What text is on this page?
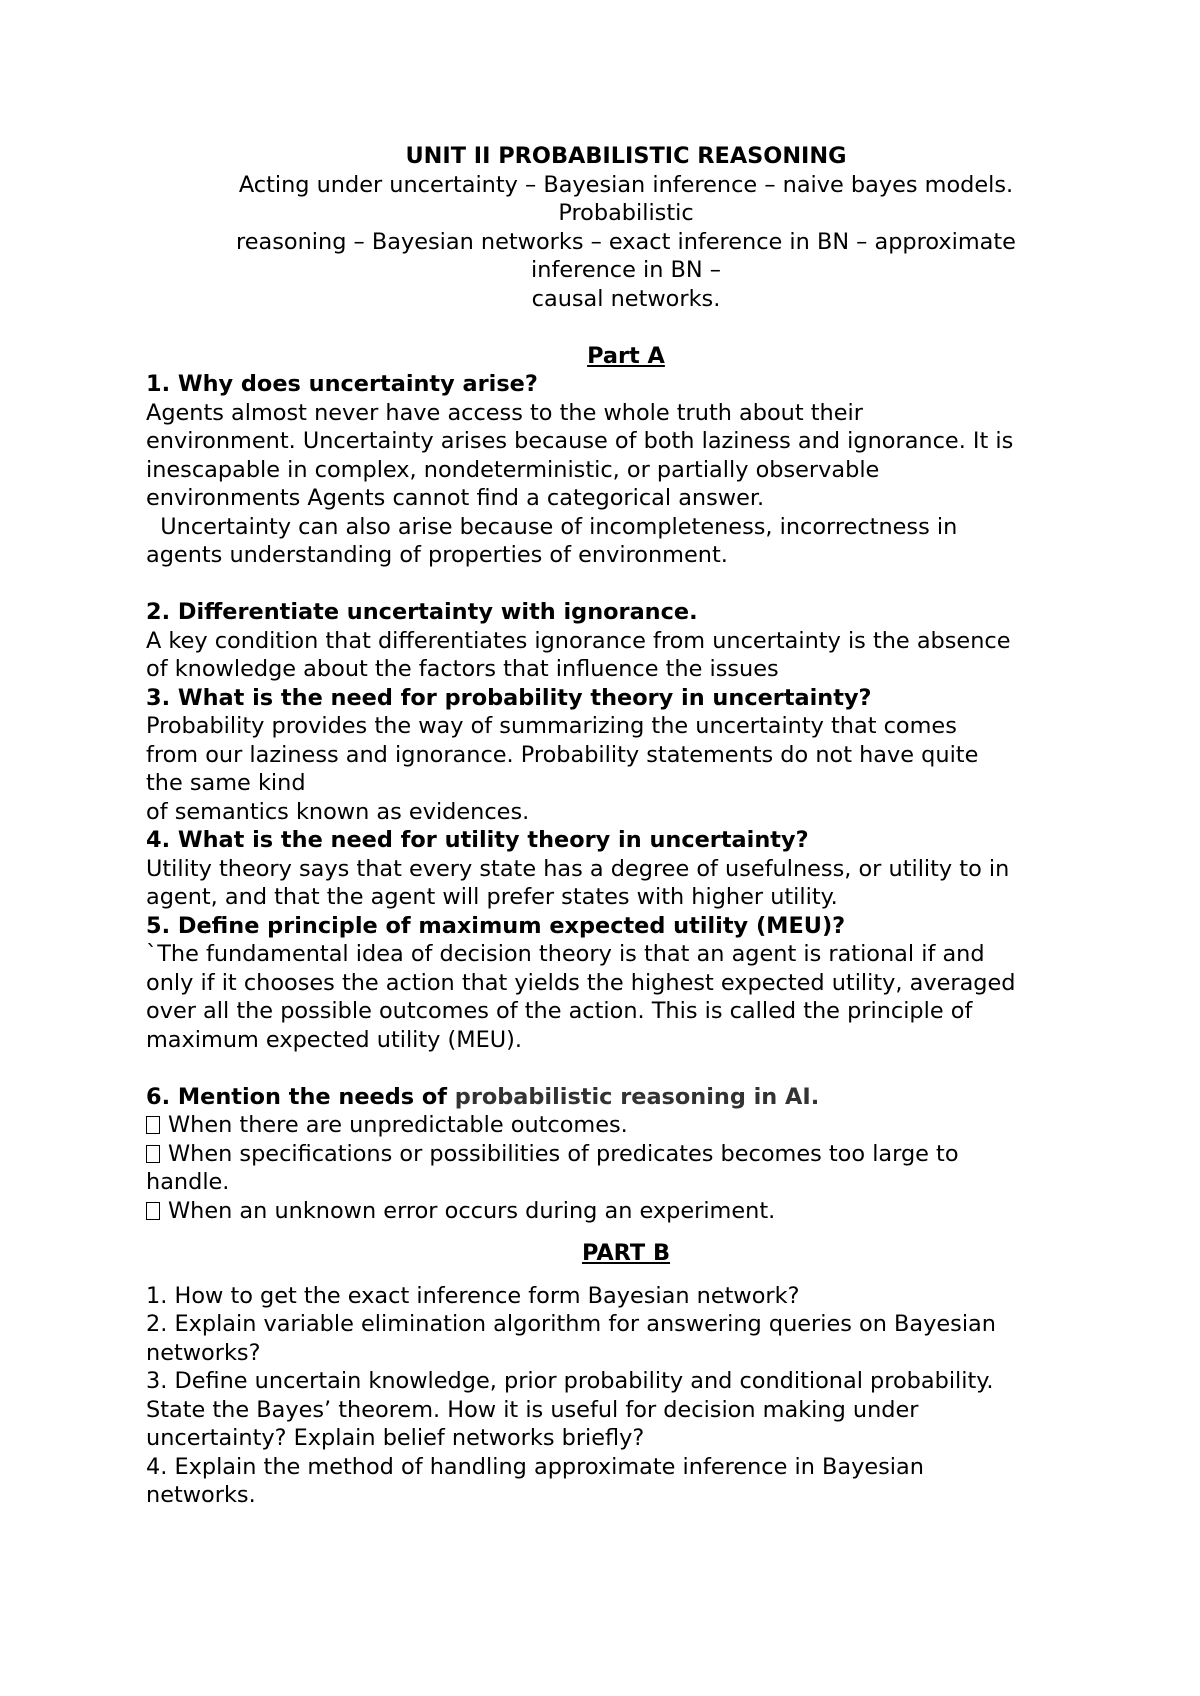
UNIT II PROBABILISTIC REASONING

Acting under uncertainty – Bayesian inference – naive bayes models.

Probabilistic

reasoning – Bayesian networks – exact inference in BN – approximate

inference in BN –

causal networks.

Part A

1. Why does uncertainty arise?

Agents almost never have access to the whole truth about their

environment. Uncertainty arises because of both laziness and ignorance. It is

inescapable in complex, nondeterministic, or partially observable

environments Agents cannot find a categorical answer.

Uncertainty can also arise because of incompleteness, incorrectness in

agents understanding of properties of environment.

2. Differentiate uncertainty with ignorance.

A key condition that differentiates ignorance from uncertainty is the absence

of knowledge about the factors that influence the issues

3. What is the need for probability theory in uncertainty?

Probability provides the way of summarizing the uncertainty that comes

from our laziness and ignorance. Probability statements do not have quite

the same kind

of semantics known as evidences.

4. What is the need for utility theory in uncertainty?

Utility theory says that every state has a degree of usefulness, or utility to in

agent, and that the agent will prefer states with higher utility.

5. Define principle of maximum expected utility (MEU)?

`The fundamental idea of decision theory is that an agent is rational if and

only if it chooses the action that yields the highest expected utility, averaged

over all the possible outcomes of the action. This is called the principle of

maximum expected utility (MEU).

6. Mention the needs of probabilistic reasoning in AI.

When there are unpredictable outcomes.

When specifications or possibilities of predicates becomes too large to

handle.

When an unknown error occurs during an experiment.

PART B

1. How to get the exact inference form Bayesian network?

2. Explain variable elimination algorithm for answering queries on Bayesian

networks?

3. Define uncertain knowledge, prior probability and conditional probability.

State the Bayes’ theorem. How it is useful for decision making under

uncertainty? Explain belief networks briefly?

4. Explain the method of handling approximate inference in Bayesian

networks.
